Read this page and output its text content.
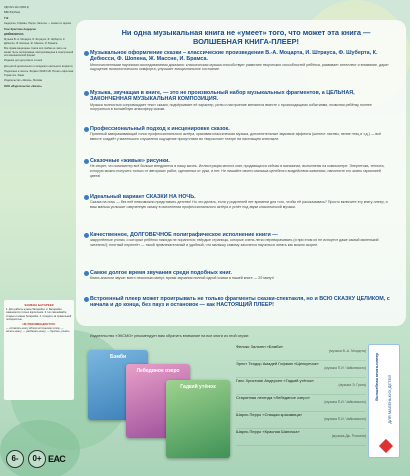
УДК 821.112.2(082.2)
ББК 84(4Гем)
Г12
Андерсен, Гофман, Перро, Зальтен — сказки со звуком
Гаос Кристиан Андерсен
ДЮЙМОВОЧКА
Музыка В.-А. Моцарта, И. Штрауса, Ф. Шуберта, К. Дебюсси, Ф. Шопена, Ж. Массне, И. Брамса
Все права защищены. Книга или любая ее часть не может быть скопирована, воспроизведена в электронной или механической форме.
Издание для досугового чтения
Для детей дошкольного и младшего школьного возраста
Подписано в печать. Формат 60x84 1/8. Печать офсетная. Тираж экз. Заказ
Издательство «Эксмо», Москва
ООО «Издательство «Эксмо»
ЗАМЕНА БАТАРЕЕК
1. Для работы нужны батарейки. 2. Батарейки заменяются только взрослыми. 3. Не смешивайте старые и новые батарейки. 4. Следите за правильной полярностью.
НЕ РЕКОМЕНДУЕТСЯ:
— оставлять книгу вблизи источников тепла; — мочить книгу; — разбирать книгу; — бросать, ронять.
Ни одна музыкальная книга не «умеет» того, что может эта книга — ВОЛШЕБНАЯ КНИГА-ПЛЕЕР!
Музыкальное оформление сказки – классические произведения В.-А. Моцарта, И. Штрауса, Ф. Шуберта, К. Дебюсси, Ф. Шопена, Ж. Массне, И. Брамса.
Многочисленными научными исследованиями доказано: классическая музыка способствует развитию творческих способностей ребёнка, развивает интеллект и внимание, дарит ощущение психологического комфорта, улучшает эмоциональное состояние.
Музыка, звучащая в книге, — это не произвольный набор музыкальных фрагментов, а ЦЕЛЬНАЯ, ЗАКОНЧЕННАЯ МУЗЫКАЛЬНАЯ КОМПОЗИЦИЯ.
Музыка полностью сопровождает текст сказки, подчёркивает её характер, ритм и настроение меняются вместе с происходящими событиями, позволяя ребёнку полнее погрузиться в волшебную атмосферу сказки.
Профессиональный подход к инсценировке сказок.
Приятный завораживающий голос профессионального актёра, красивая классическая музыка, дополнительные звуковые эффекты (шелест листвы, пение птиц и т.д.) — всё вместе создаёт у маленького слушателя ощущение присутствия во «взрослом» театре на настоящем спектакле.
Сказочные «живые» рисунки.
Не секрет, что компьютер всё больше внедряется в нашу жизнь. Иллюстрации многих книг, продающихся сейчас в магазинах, выполнены на компьютере. Энергетика, теплота, которую можно получить только от авторских работ, сделанных от руки, и нет. Не лишайте своего малыша целебного воздействия живописи, наполните его жизнь гармонией цвета!
Идеальный вариант СКАЗКИ НА НОЧЬ.
Сказка на ночь — без неё невозможно представить детство! Но что делать, если у родителей нет времени для того, чтобы её рассказывать? Просто включите эту книгу-плеер, и ваш малыш услышит озвученную сказку в исполнении профессионального актёра и уснёт под звуки классической музыки.
Качественное, ДОЛГОВЕЧНОЕ полиграфическое исполнение книги —
закруглённые уголки, о которые ребёнок никогда не поранится; твёрдые страницы, которые очень легко переворачивать (и при этом их не испортит даже самый маленький читатель!); плотный переплёт — такой привлекательный и удобный, что малышу самому захочется научиться читать как можно скорее.
Самое долгое время звучания среди подобных книг.
Книги-аналоги звучат всего несколько минут, время звучания полной одной сказки в нашей книге — 20 минут!
Встроенный плеер может проигрывать не только фрагменты сказки-спектакля, но и ВСЮ СКАЗКУ ЦЕЛИКОМ, с начала и до конца, без пауз и остановок — как НАСТОЯЩИЙ ПЛЕЕР!
Издательство «ЭКСМО» рекомендует вам обратить внимание на все книги из этой серии:
Бэмби
Лебединое озеро
Гадкий утёнок
Феликс Зальтен «Бэмби»
(музыка В.-А. Моцарта)
Эрнст Теодор Амадей Гофман «Щелкунчик»
(музыка П.И. Чайковского)
Ганс Христиан Андерсен «Гадкий утёнок»
(музыка Э. Грига)
Старинная легенда «Лебединое озеро»
(музыка П.И. Чайковского)
Шарль Перро «Спящая красавица»
(музыка П.И. Чайковского)
Шарль Перро «Красная Шапочка»
(музыка Дж. Россини)
Волшебная книга-плеер ДЛЯ МАЛЕНЬКИХ ДЕТЕЙ
6-	0+ ЕАС
